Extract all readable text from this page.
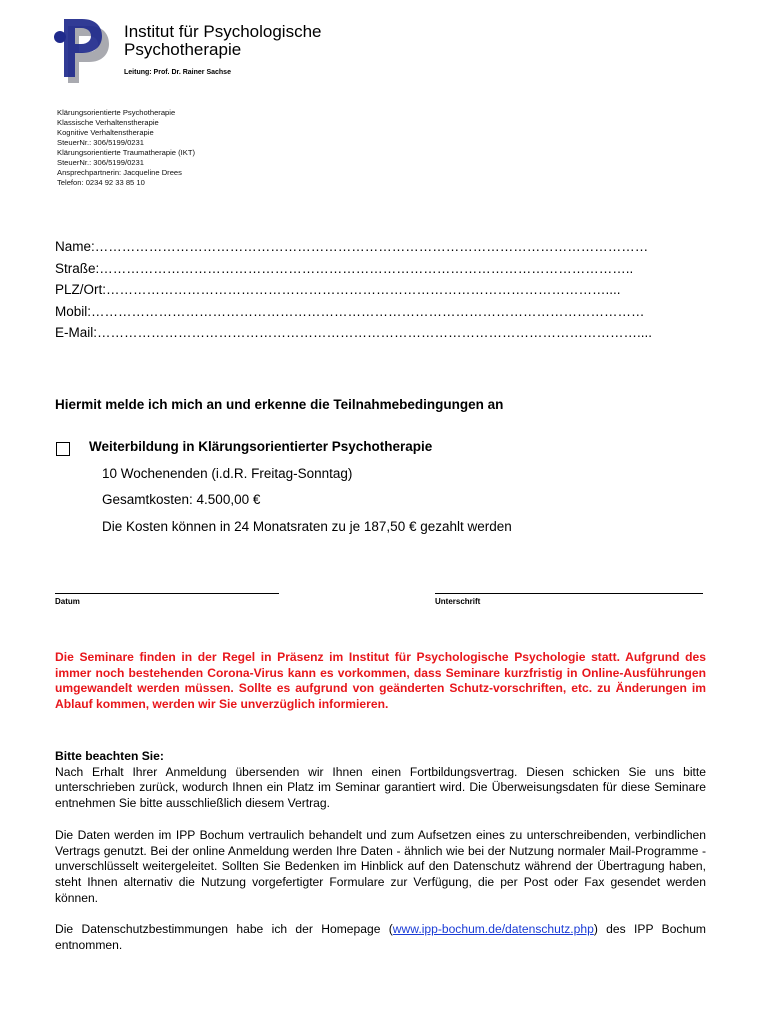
Institut für Psychologische
Psychotherapie
Leitung: Prof. Dr. Rainer Sachse
Klärungsorientierte Psychotherapie
Klassische Verhaltenstherapie
Kognitive Verhaltenstherapie
SteuerNr.: 306/5199/0231
Klärungsorientierte Traumatherapie (IKT)
SteuerNr.: 306/5199/0231
Ansprechpartnerin: Jacqueline Drees
Telefon: 0234 92 33 85 10
Name:……………………………………………………………………………………………………………
Straße:………………………………………………………………………………………………………..
PLZ/Ort:…………………………………………………………………………………………………....
Mobil:……………………………………………………………………………………………………………
E-Mail:…………………………………………………………………………………………………………....
Hiermit melde ich mich an und erkenne die Teilnahmebedingungen an
Weiterbildung in Klärungsorientierter Psychotherapie
10 Wochenenden (i.d.R. Freitag-Sonntag)
Gesamtkosten: 4.500,00 €
Die Kosten können in 24 Monatsraten zu je 187,50 € gezahlt werden
Datum	Unterschrift
Die Seminare finden in der Regel in Präsenz im Institut für Psychologische Psychologie statt. Aufgrund des immer noch bestehenden Corona-Virus kann es vorkommen, dass Seminare kurzfristig in Online-Ausführungen umgewandelt werden müssen. Sollte es aufgrund von geänderten Schutz-vorschriften, etc. zu Änderungen im Ablauf kommen, werden wir Sie unverzüglich informieren.
Bitte beachten Sie:
Nach Erhalt Ihrer Anmeldung übersenden wir Ihnen einen Fortbildungsvertrag. Diesen schicken Sie uns bitte unterschrieben zurück, wodurch Ihnen ein Platz im Seminar garantiert wird. Die Überweisungsdaten für diese Seminare entnehmen Sie bitte ausschließlich diesem Vertrag.
Die Daten werden im IPP Bochum vertraulich behandelt und zum Aufsetzen eines zu unterschreibenden, verbindlichen Vertrags genutzt. Bei der online Anmeldung werden Ihre Daten - ähnlich wie bei der Nutzung normaler Mail-Programme - unverschlüsselt weitergeleitet. Sollten Sie Bedenken im Hinblick auf den Datenschutz während der Übertragung haben, steht Ihnen alternativ die Nutzung vorgefertigter Formulare zur Verfügung, die per Post oder Fax gesendet werden können.
Die Datenschutzbestimmungen habe ich der Homepage (www.ipp-bochum.de/datenschutz.php) des IPP Bochum entnommen.
